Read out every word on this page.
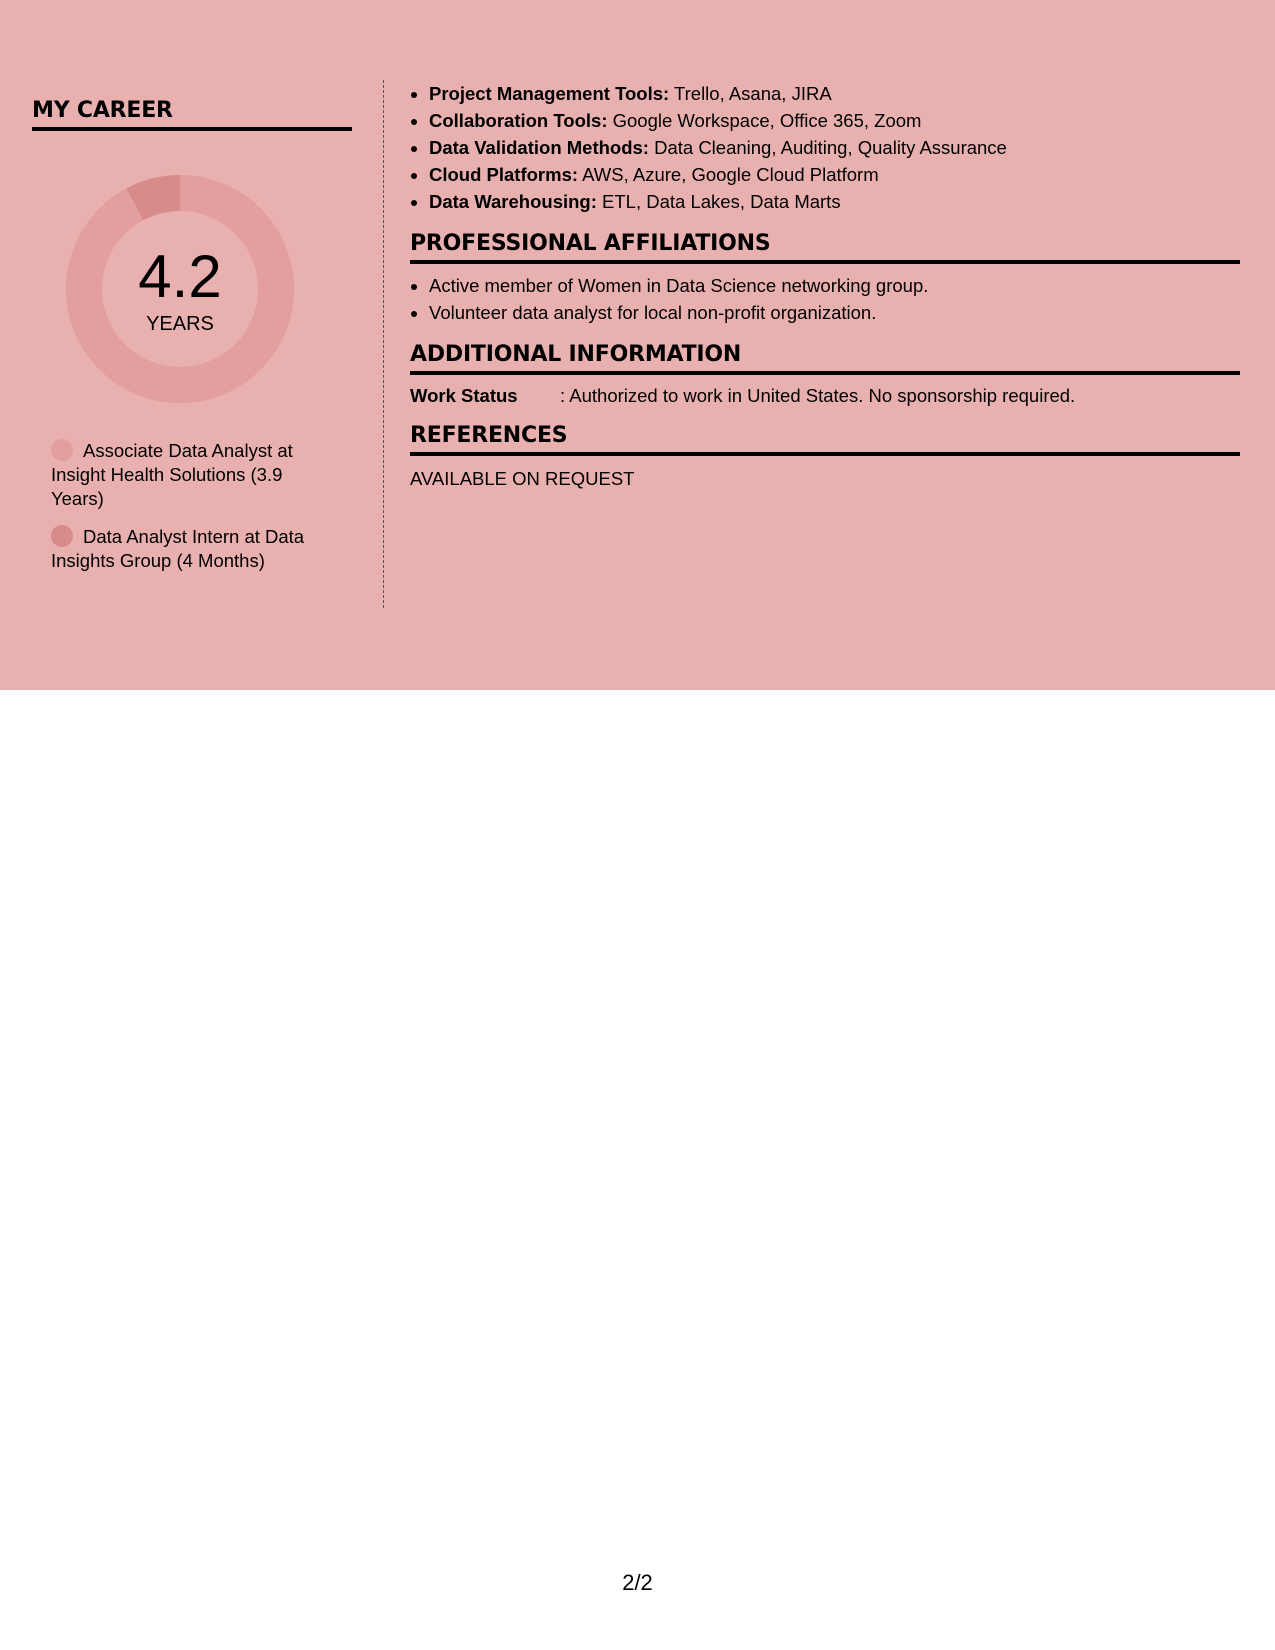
MY CAREER
4.2
YEARS
Associate Data Analyst at Insight Health Solutions (3.9 Years)
Data Analyst Intern at Data Insights Group (4 Months)
• Project Management Tools: Trello, Asana, JIRA
• Collaboration Tools: Google Workspace, Office 365, Zoom
• Data Validation Methods: Data Cleaning, Auditing, Quality Assurance
• Cloud Platforms: AWS, Azure, Google Cloud Platform
• Data Warehousing: ETL, Data Lakes, Data Marts
PROFESSIONAL AFFILIATIONS
• Active member of Women in Data Science networking group.
• Volunteer data analyst for local non-profit organization.
ADDITIONAL INFORMATION
Work Status	: Authorized to work in United States. No sponsorship required.
REFERENCES
AVAILABLE ON REQUEST
2/2
